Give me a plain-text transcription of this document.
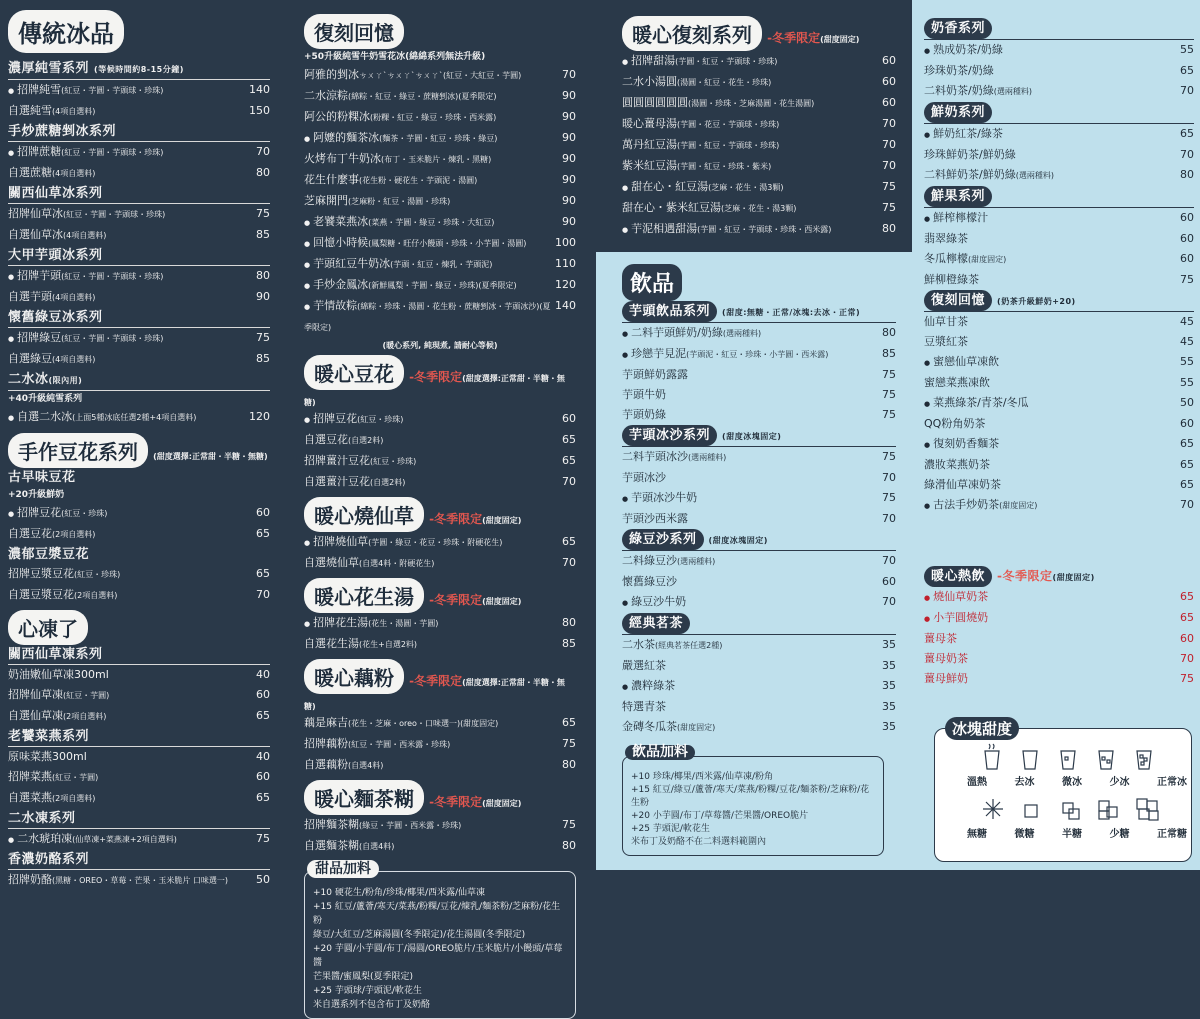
傳統冰品
濃厚純雪系列 (等候時間約8-15分鐘)
● 招牌純雪(紅豆・芋圓・芋頭球・珍珠)	140
自選純雪(4項自選料)	150
手炒蔗糖剉冰系列
● 招牌蔗糖(紅豆・芋圓・芋頭球・珍珠)	70
自選蔗糖(4項自選料)	80
關西仙草冰系列
招牌仙草冰(紅豆・芋圓・芋頭球・珍珠)	75
自選仙草冰(4項自選料)	85
大甲芋頭冰系列
● 招牌芋頭(紅豆・芋圓・芋頭球・珍珠)	80
自選芋頭(4項自選料)	90
懷舊綠豆冰系列
● 招牌綠豆(紅豆・芋圓・芋頭球・珍珠)	75
自選綠豆(4項自選料)	85
二水冰(限內用)
+40升級純雪系列
● 自選二水冰(上面5種冰底任選2種+4項自選料)	120
手作豆花系列 (甜度選擇:正常甜・半糖・無糖)
古早味豆花
+20升級鮮奶
● 招牌豆花(紅豆・珍珠)	60
自選豆花(2項自選料)	65
濃郁豆漿豆花
招牌豆漿豆花(紅豆・珍珠)	65
自選豆漿豆花(2項自選料)	70
心凍了
關西仙草凍系列
奶油嫩仙草凍300ml	40
招牌仙草凍(紅豆・芋圓)	60
自選仙草凍(2項自選料)	65
老饕菜燕系列
原味菜燕300ml	40
招牌菜燕(紅豆・芋圓)	60
自選菜燕(2項自選料)	65
二水凍系列
● 二水琥珀凍(仙草凍+菜燕凍+2項自選料)	75
香濃奶酪系列
招牌奶酪(黑糖・OREO・草莓・芒果・玉米脆片 口味選一)	50
復刻回憶
+50升級純雪牛奶雪花冰(綿綿系列無法升級)
阿雅的剉冰ㄘㄨㄚˋㄘㄨㄚˋㄘㄨㄚˋ(紅豆・大紅豆・芋圓)	70
二水涼粽(綿粽・紅豆・綠豆・蔗糖剉冰)(夏季限定)	90
阿公的粉粿冰(粉粿・紅豆・綠豆・珍珠・西米露)	90
● 阿嬤的麵茶冰(麵茶・芋圓・紅豆・珍珠・綠豆)	90
火烤布丁牛奶冰(布丁・玉米脆片・煉乳・黑糖)	90
花生什麼事(花生粉・硬花生・芋頭泥・湯圓)	90
芝麻開門(芝麻粉・紅豆・湯圓・珍珠)	90
● 老饕菜燕冰(菜燕・芋圓・綠豆・珍珠・大紅豆)	90
● 回憶小時候(鳳梨糖・旺仔小饅頭・珍珠・小芋圓・湯圓)	100
● 芋頭紅豆牛奶冰(芋頭・紅豆・煉乳・芋頭泥)	110
● 手炒金鳳冰(新鮮鳳梨・芋圓・綠豆・珍珠)(夏季限定)	120
● 芋情故粽(綿粽・珍珠・湯圓・花生粉・蔗糖剉冰・芋頭冰沙)(夏季限定)
140
(暖心系列, 純現煮, 請耐心等候)
暖心豆花 -冬季限定(甜度選擇:正常甜・半糖・無糖)
● 招牌豆花(紅豆・珍珠)	60
自選豆花(自選2料)	65
招牌薑汁豆花(紅豆・珍珠)	65
自選薑汁豆花(自選2料)	70
暖心燒仙草 -冬季限定(甜度固定)
● 招牌燒仙草(芋圓・綠豆・花豆・珍珠・附硬花生)	65
自選燒仙草(自選4料・附硬花生)	70
暖心花生湯 -冬季限定(甜度固定)
● 招牌花生湯(花生・湯圓・芋圓)	80
自選花生湯(花生+自選2料)	85
暖心藕粉 -冬季限定(甜度選擇:正常甜・半糖・無糖)
藕是麻吉(花生・芝麻・oreo・口味選一)(甜度固定)	65
招牌藕粉(紅豆・芋圓・西米露・珍珠)	75
自選藕粉(自選4料)	80
暖心麵茶糊 -冬季限定(甜度固定)
招牌麵茶糊(綠豆・芋圓・西米露・珍珠)	75
自選麵茶糊(自選4料)	80
甜品加料
+10 硬花生/粉角/珍珠/椰果/西米露/仙草凍
+15 紅豆/蘆薈/寒天/菜燕/粉粿/豆花/煉乳/麵茶粉/芝麻粉/花生粉
綠豆/大紅豆/芝麻湯圓(冬季限定)/花生湯圓(冬季限定)
+20 芋圓/小芋圓/布丁/湯圓/OREO脆片/玉米脆片/小饅頭/草莓醬
芒果醬/蜜鳳梨(夏季限定)
+25 芋頭球/芋頭泥/軟花生
米自選系列不包含布丁及奶酪
暖心復刻系列 -冬季限定(甜度固定)
● 招牌甜湯(芋圓・紅豆・芋頭球・珍珠)	60
二水小湯圓(湯圓・紅豆・花生・珍珠)	60
圓圓圓圓圓圓(湯圓・珍珠・芝麻湯圓・花生湯圓)	60
暖心薑母湯(芋圓・花豆・芋頭球・珍珠)	70
萬丹紅豆湯(芋圓・紅豆・芋頭球・珍珠)	70
紫米紅豆湯(芋圓・紅豆・珍珠・紫米)	70
● 甜在心・紅豆湯(芝麻・花生・湯3顆)	75
甜在心・紫米紅豆湯(芝麻・花生・湯3顆)	75
● 芋泥相遇甜湯(芋圓・紅豆・芋頭球・珍珠・西米露)	80
飲品
芋頭飲品系列 (甜度:無糖・正常/冰塊:去冰・正常)
● 二料芋頭鮮奶/奶綠(選兩種料)	80
● 珍戀芋見泥(芋頭泥・紅豆・珍珠・小芋圓・西米露)	85
芋頭鮮奶露露	75
芋頭牛奶	75
芋頭奶綠	75
芋頭冰沙系列 (甜度冰塊固定)
二料芋頭冰沙(選兩種料)	75
芋頭冰沙	70
● 芋頭冰沙牛奶	75
芋頭沙西米露	70
綠豆沙系列 (甜度冰塊固定)
二料綠豆沙(選兩種料)	70
懷舊綠豆沙	60
● 綠豆沙牛奶	70
經典茗茶
二水茶(經典茗茶任選2種)	35
嚴選紅茶	35
● 濃粹綠茶	35
特選青茶	35
金磚冬瓜茶(甜度固定)	35
飲品加料
+10 珍珠/椰果/西米露/仙草凍/粉角
+15 紅豆/綠豆/蘆薈/寒天/菜燕/粉粿/豆花/麵茶粉/芝麻粉/花生粉
+20 小芋圓/布丁/草莓醬/芒果醬/OREO脆片
+25 芋頭泥/軟花生
米布丁及奶酪不在二料選料範圍內
奶香系列
● 熟成奶茶/奶綠	55
珍珠奶茶/奶綠	65
二料奶茶/奶綠(選兩種料)	70
鮮奶系列
● 鮮奶紅茶/綠茶	65
珍珠鮮奶茶/鮮奶綠	70
二料鮮奶茶/鮮奶綠(選兩種料)	80
鮮果系列
● 鮮榨檸檬汁	60
翡翠綠茶	60
冬瓜檸檬(甜度固定)	60
鮮柳橙綠茶	75
復刻回憶 (奶茶升級鮮奶+20)
仙草甘茶	45
豆漿紅茶	45
● 蜜戀仙草凍飲	55
蜜戀菜燕凍飲	55
● 菜燕綠茶/青茶/冬瓜	50
QQ粉角奶茶	60
● 復刻奶香麵茶	65
濃妝菜燕奶茶	65
綠滑仙草凍奶茶	65
● 古法手炒奶茶(甜度固定)	70
暖心熱飲 -冬季限定(甜度固定)
● 燒仙草奶茶	65
● 小芋圓燒奶	65
薑母茶	60
薑母奶茶	70
薑母鮮奶	75
冰塊甜度
溫熱	去冰	微冰	少冰	正常冰
無糖	微糖	半糖	少糖	正常糖
